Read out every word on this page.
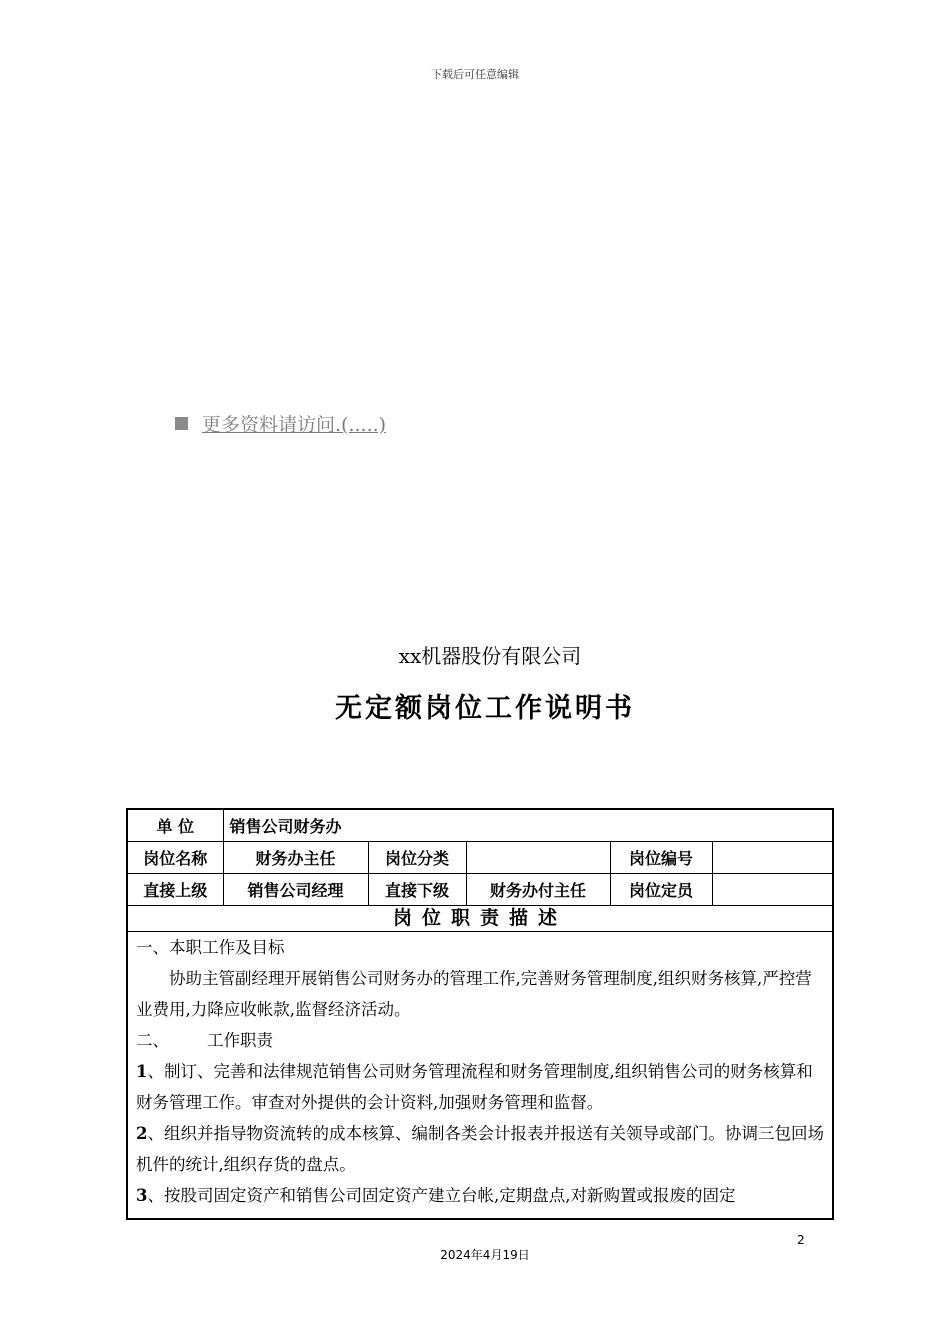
下载后可任意编辑
更多资料请访问.(.....)
xx机器股份有限公司
无定额岗位工作说明书
单 位	销售公司财务办				
岗位名称	财务办主任	岗位分类		岗位编号	
直接上级	销售公司经理	直接下级	财务办付主任	岗位定员	
岗位职责描述

一、本职工作及目标

协助主管副经理开展销售公司财务办的管理工作,完善财务管理制度,组织财务核算,严控营业费用,力降应收帐款,监督经济活动。

二、 工作职责

1、制订、完善和法律规范销售公司财务管理流程和财务管理制度,组织销售公司的财务核算和财务管理工作。审查对外提供的会计资料,加强财务管理和监督。

2、组织并指导物资流转的成本核算、编制各类会计报表并报送有关领导或部门。协调三包回场机件的统计,组织存货的盘点。

3、按股司固定资产和销售公司固定资产建立台帐,定期盘点,对新购置或报废的固定

2
2024年4月19日
